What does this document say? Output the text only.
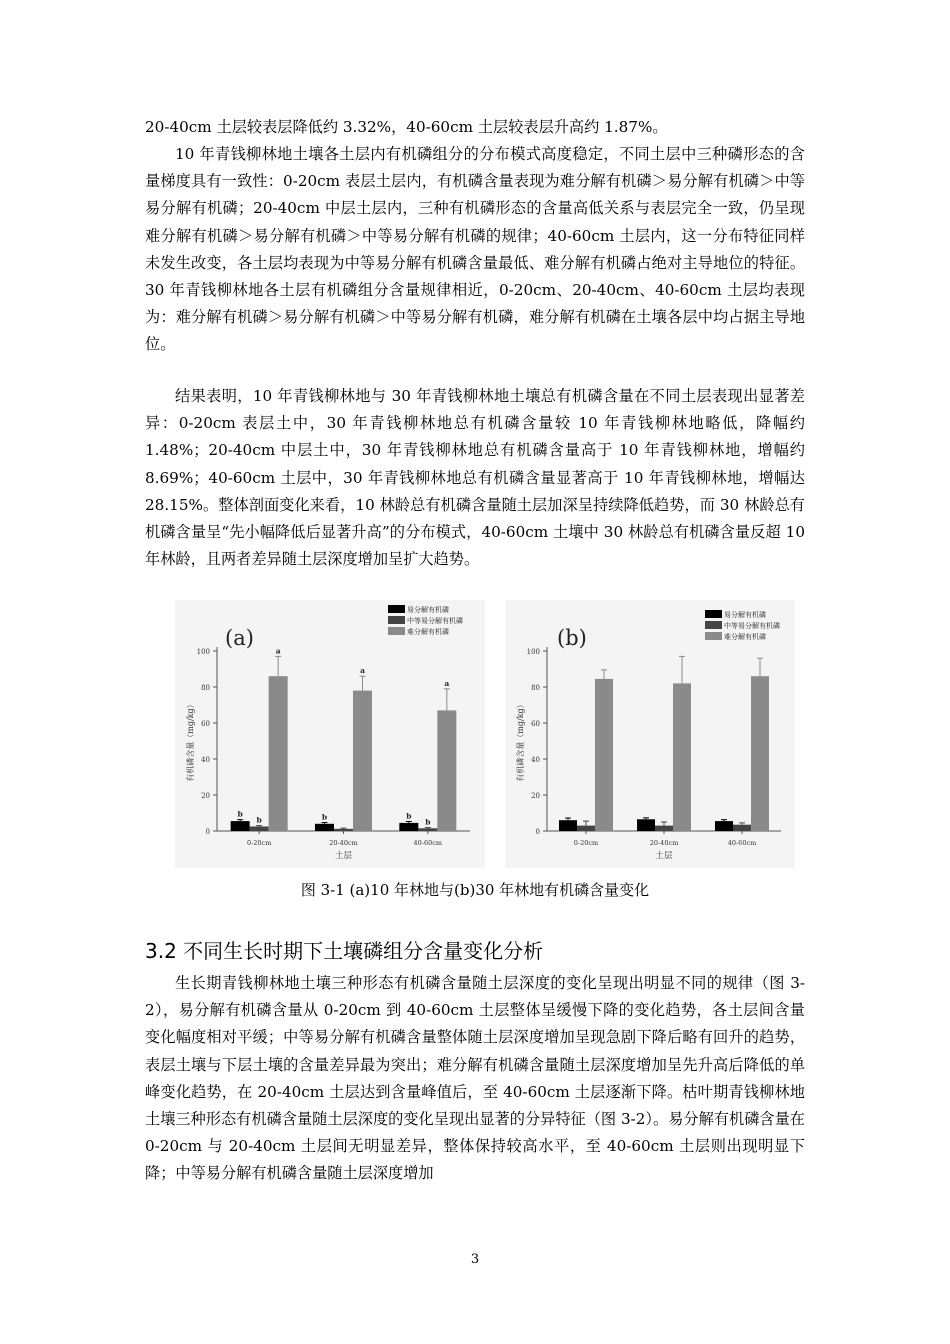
20-40cm 土层较表层降低约 3.32%，40-60cm 土层较表层升高约 1.87%。

10 年青钱柳林地土壤各土层内有机磷组分的分布模式高度稳定，不同土层中三种磷形态的含量梯度具有一致性：0-20cm 表层土层内，有机磷含量表现为难分解有机磷＞易分解有机磷＞中等易分解有机磷；20-40cm 中层土层内，三种有机磷形态的含量高低关系与表层完全一致，仍呈现难分解有机磷＞易分解有机磷＞中等易分解有机磷的规律；40-60cm 土层内，这一分布特征同样未发生改变，各土层均表现为中等易分解有机磷含量最低、难分解有机磷占绝对主导地位的特征。30 年青钱柳林地各土层有机磷组分含量规律相近，0-20cm、20-40cm、40-60cm 土层均表现为：难分解有机磷＞易分解有机磷＞中等易分解有机磷，难分解有机磷在土壤各层中均占据主导地位。

结果表明，10 年青钱柳林地与 30 年青钱柳林地土壤总有机磷含量在不同土层表现出显著差异：0-20cm 表层土中，30 年青钱柳林地总有机磷含量较 10 年青钱柳林地略低，降幅约 1.48%；20-40cm 中层土中，30 年青钱柳林地总有机磷含量高于 10 年青钱柳林地，增幅约 8.69%；40-60cm 土层中，30 年青钱柳林地总有机磷含量显著高于 10 年青钱柳林地，增幅达 28.15%。整体剖面变化来看，10 林龄总有机磷含量随土层加深呈持续降低趋势，而 30 林龄总有机磷含量呈“先小幅降低后显著升高”的分布模式，40-60cm 土壤中 30 林龄总有机磷含量反超 10 年林龄，且两者差异随土层深度增加呈扩大趋势。

0
20
40
60
80
100
有机磷含量（mg/kg）
土层
(a)
0-20cm
b
b
a
20-40cm
b
a
40-60cm
b
b
a
易分解有机磷
中等易分解有机磷
难分解有机磷
0
20
40
60
80
100
有机磷含量（mg/kg）
土层
(b)
0-20cm	20-40cm	40-60cm
易分解有机磷
中等易分解有机磷
难分解有机磷
图 3-1 (a)10 年林地与(b)30 年林地有机磷含量变化
3.2 不同生长时期下土壤磷组分含量变化分析

生长期青钱柳林地土壤三种形态有机磷含量随土层深度的变化呈现出明显不同的规律（图 3-2），易分解有机磷含量从 0-20cm 到 40-60cm 土层整体呈缓慢下降的变化趋势，各土层间含量变化幅度相对平缓；中等易分解有机磷含量整体随土层深度增加呈现急剧下降后略有回升的趋势，表层土壤与下层土壤的含量差异最为突出；难分解有机磷含量随土层深度增加呈先升高后降低的单峰变化趋势，在 20-40cm 土层达到含量峰值后，至 40-60cm 土层逐渐下降。枯叶期青钱柳林地土壤三种形态有机磷含量随土层深度的变化呈现出显著的分异特征（图 3-2）。易分解有机磷含量在 0-20cm 与 20-40cm 土层间无明显差异，整体保持较高水平，至 40-60cm 土层则出现明显下降；中等易分解有机磷含量随土层深度增加

3
